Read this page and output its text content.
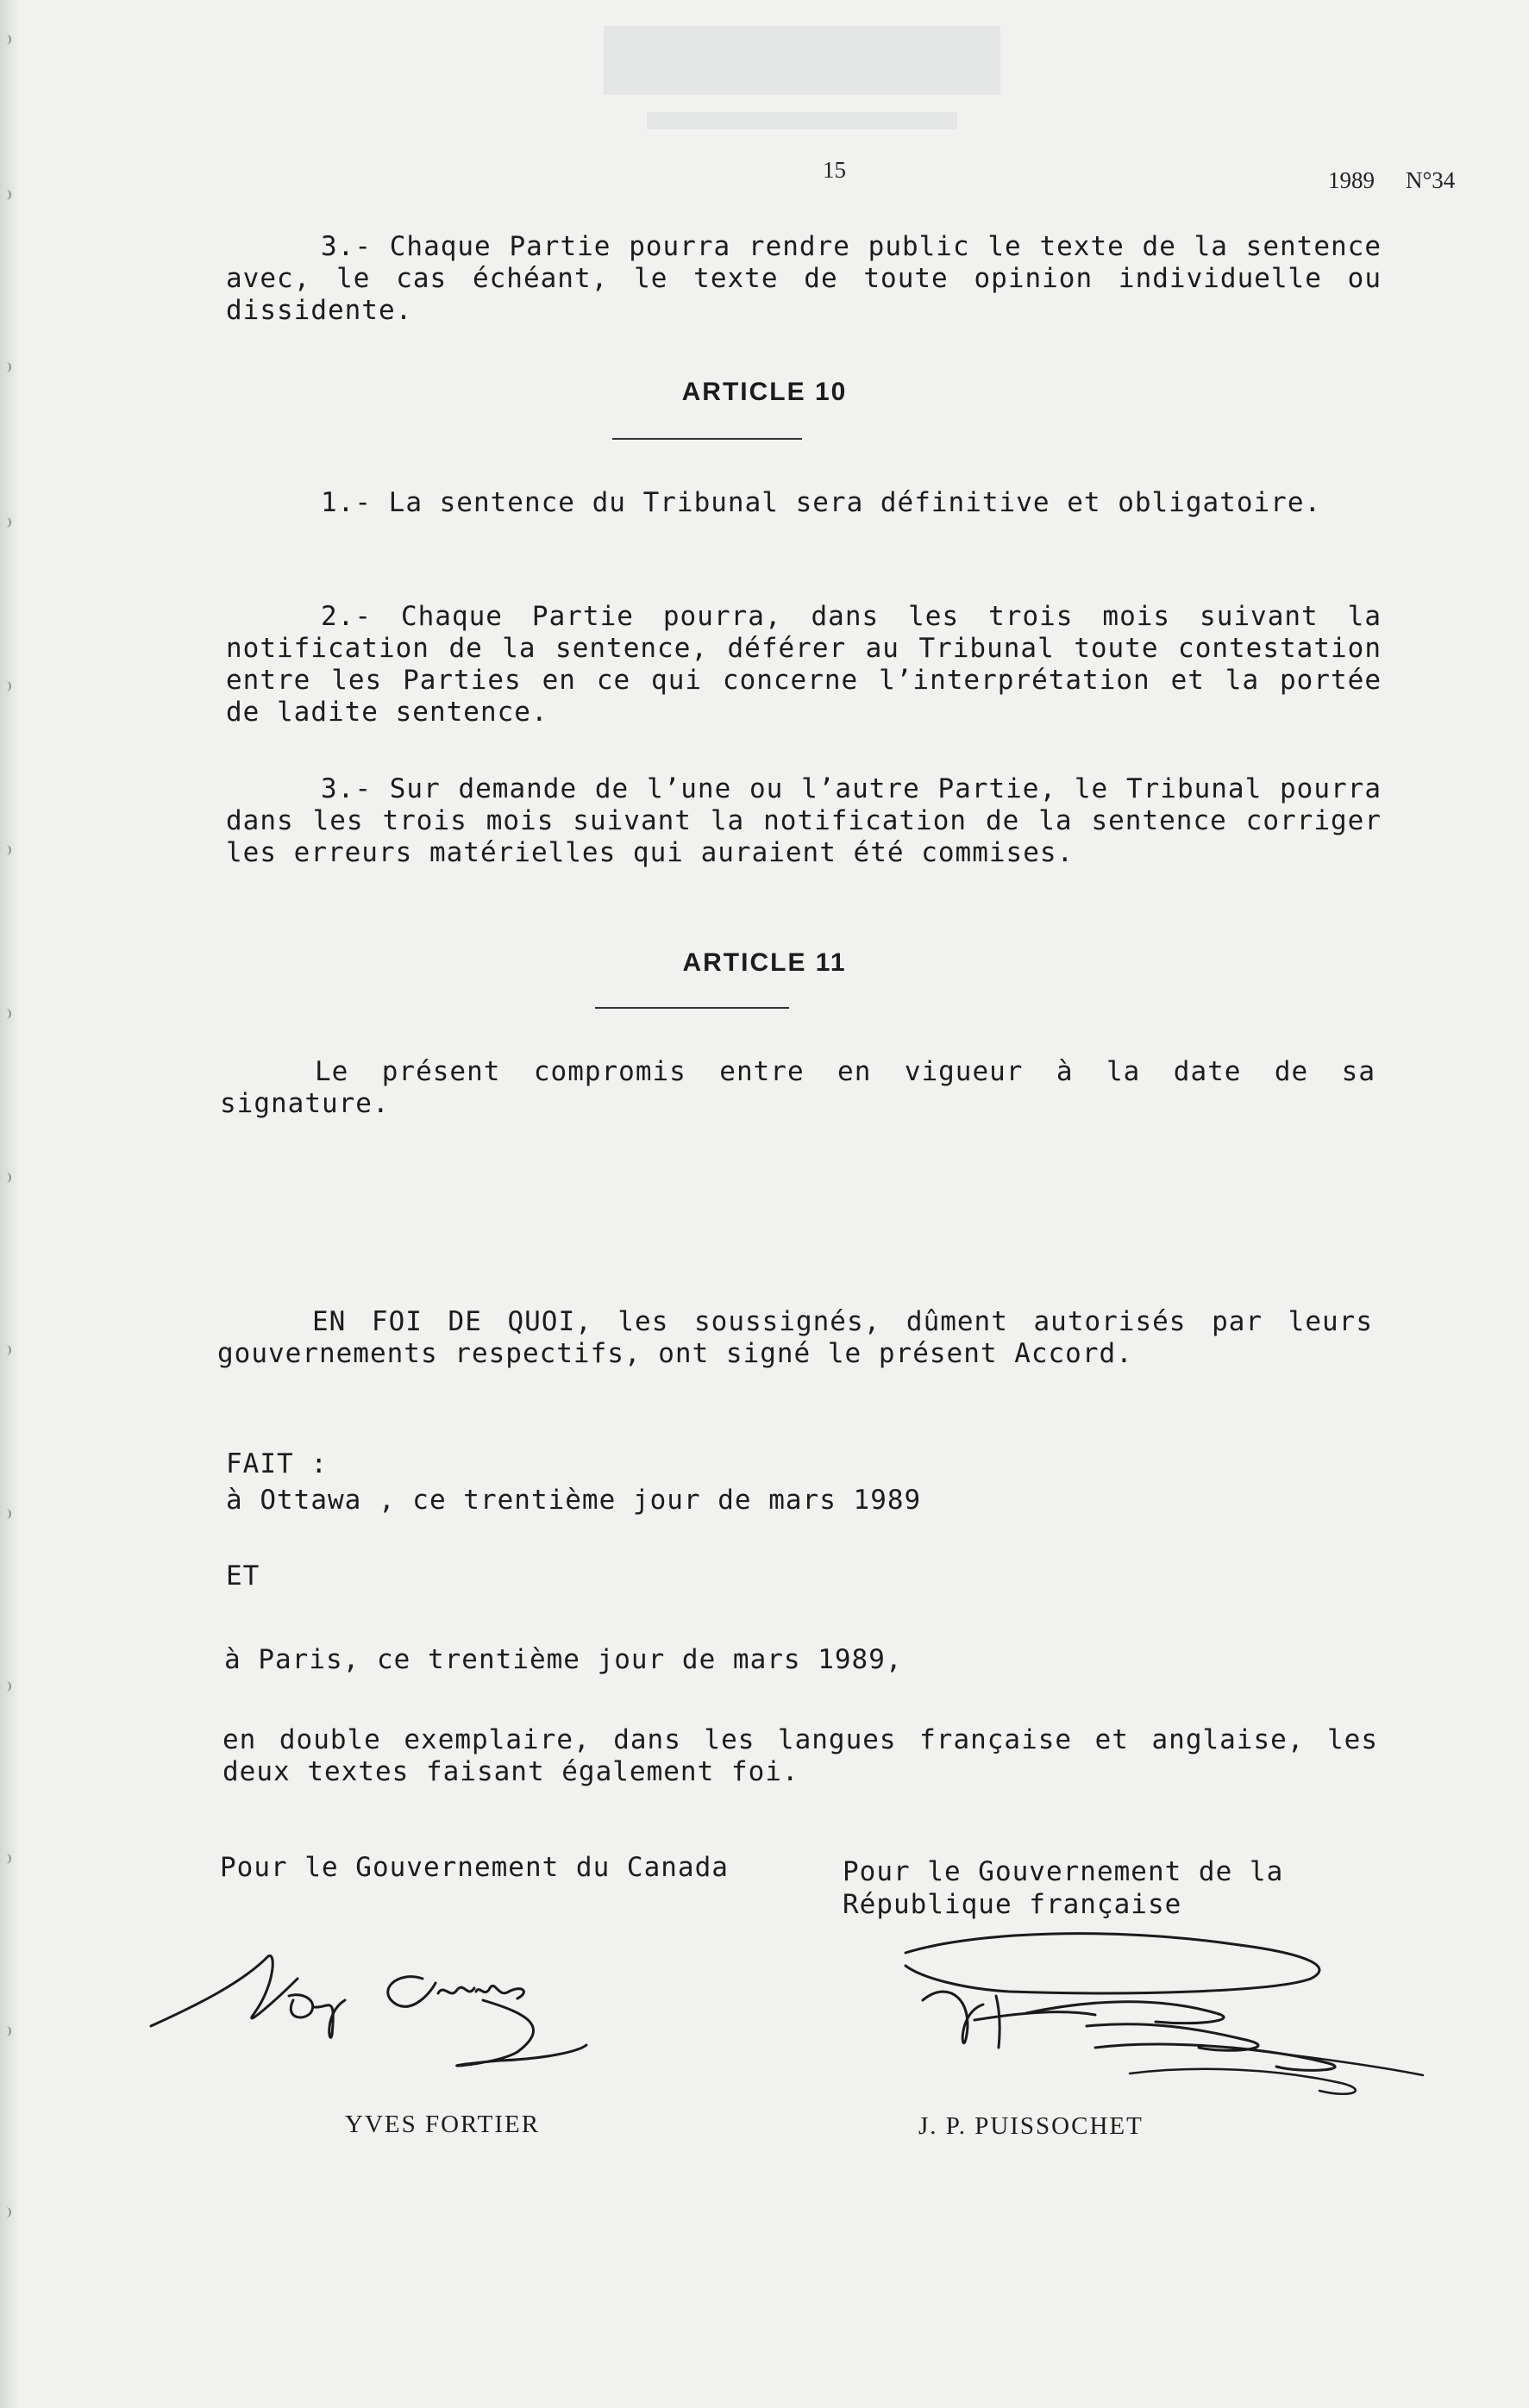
15	1989 N°34

3.- Chaque Partie pourra rendre public le texte de la sentence avec, le cas échéant, le texte de toute opinion individuelle ou dissidente.

ARTICLE 10

1.- La sentence du Tribunal sera définitive et obligatoire.

2.- Chaque Partie pourra, dans les trois mois suivant la notification de la sentence, déférer au Tribunal toute contestation entre les Parties en ce qui concerne l’interprétation et la portée de ladite sentence.

3.- Sur demande de l’une ou l’autre Partie, le Tribunal pourra dans les trois mois suivant la notification de la sentence corriger les erreurs matérielles qui auraient été commises.

ARTICLE 11

Le présent compromis entre en vigueur à la date de sa signature.

EN FOI DE QUOI, les soussignés, dûment autorisés par leurs gouvernements respectifs, ont signé le présent Accord.

FAIT :

à Ottawa , ce trentième jour de mars 1989

ET

à Paris, ce trentième jour de mars 1989,

en double exemplaire, dans les langues française et anglaise, les deux textes faisant également foi.

Pour le Gouvernement du Canada	Pour le Gouvernement de la
République française

YVES FORTIER	J. P. PUISSOCHET
